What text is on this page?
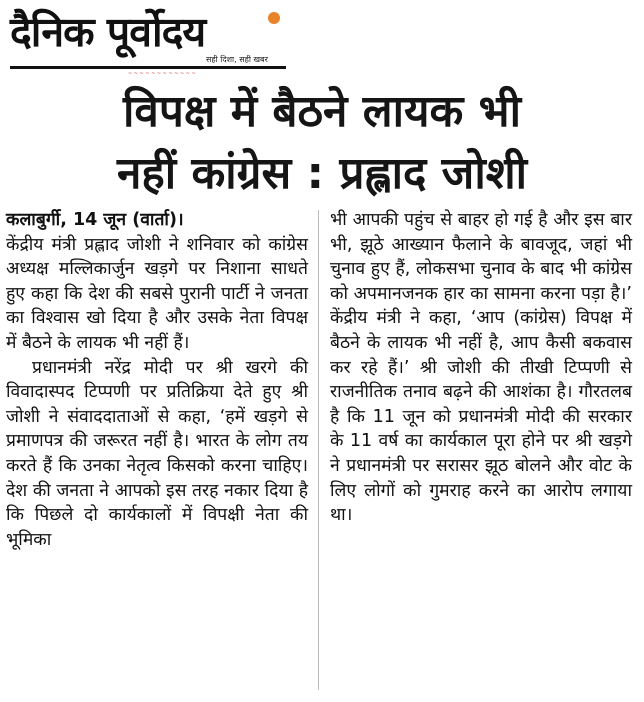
दैनिक पूर्वोदय
सही दिशा, सही खबर
~ ~ ~ ~ ~ ~ ~ ~ ~ ~ ~ ~
विपक्ष में बैठने लायक भी
नहीं कांग्रेस : प्रह्लाद जोशी

कलाबुर्गी, 14 जून (वार्ता)।

केंद्रीय मंत्री प्रह्लाद जोशी ने शनिवार को कांग्रेस अध्यक्ष मल्लिकार्जुन खड़गे पर निशाना साधते हुए कहा कि देश की सबसे पुरानी पार्टी ने जनता का विश्वास खो दिया है और उसके नेता विपक्ष में बैठने के लायक भी नहीं हैं।

प्रधानमंत्री नरेंद्र मोदी पर श्री खरगे की विवादास्पद टिप्पणी पर प्रतिक्रिया देते हुए श्री जोशी ने संवाददाताओं से कहा, ‘हमें खड़गे से प्रमाणपत्र की जरूरत नहीं है। भारत के लोग तय करते हैं कि उनका नेतृत्व किसको करना चाहिए। देश की जनता ने आपको इस तरह नकार दिया है कि पिछले दो कार्यकालों में विपक्षी नेता की भूमिका

भी आपकी पहुंच से बाहर हो गई है और इस बार भी, झूठे आख्यान फैलाने के बावजूद, जहां भी चुनाव हुए हैं, लोकसभा चुनाव के बाद भी कांग्रेस को अपमानजनक हार का सामना करना पड़ा है।’ केंद्रीय मंत्री ने कहा, ‘आप (कांग्रेस) विपक्ष में बैठने के लायक भी नहीं है, आप कैसी बकवास कर रहे हैं।’ श्री जोशी की तीखी टिप्पणी से राजनीतिक तनाव बढ़ने की आशंका है। गौरतलब है कि 11 जून को प्रधानमंत्री मोदी की सरकार के 11 वर्ष का कार्यकाल पूरा होने पर श्री खड़गे ने प्रधानमंत्री पर सरासर झूठ बोलने और वोट के लिए लोगों को गुमराह करने का आरोप लगाया था।
